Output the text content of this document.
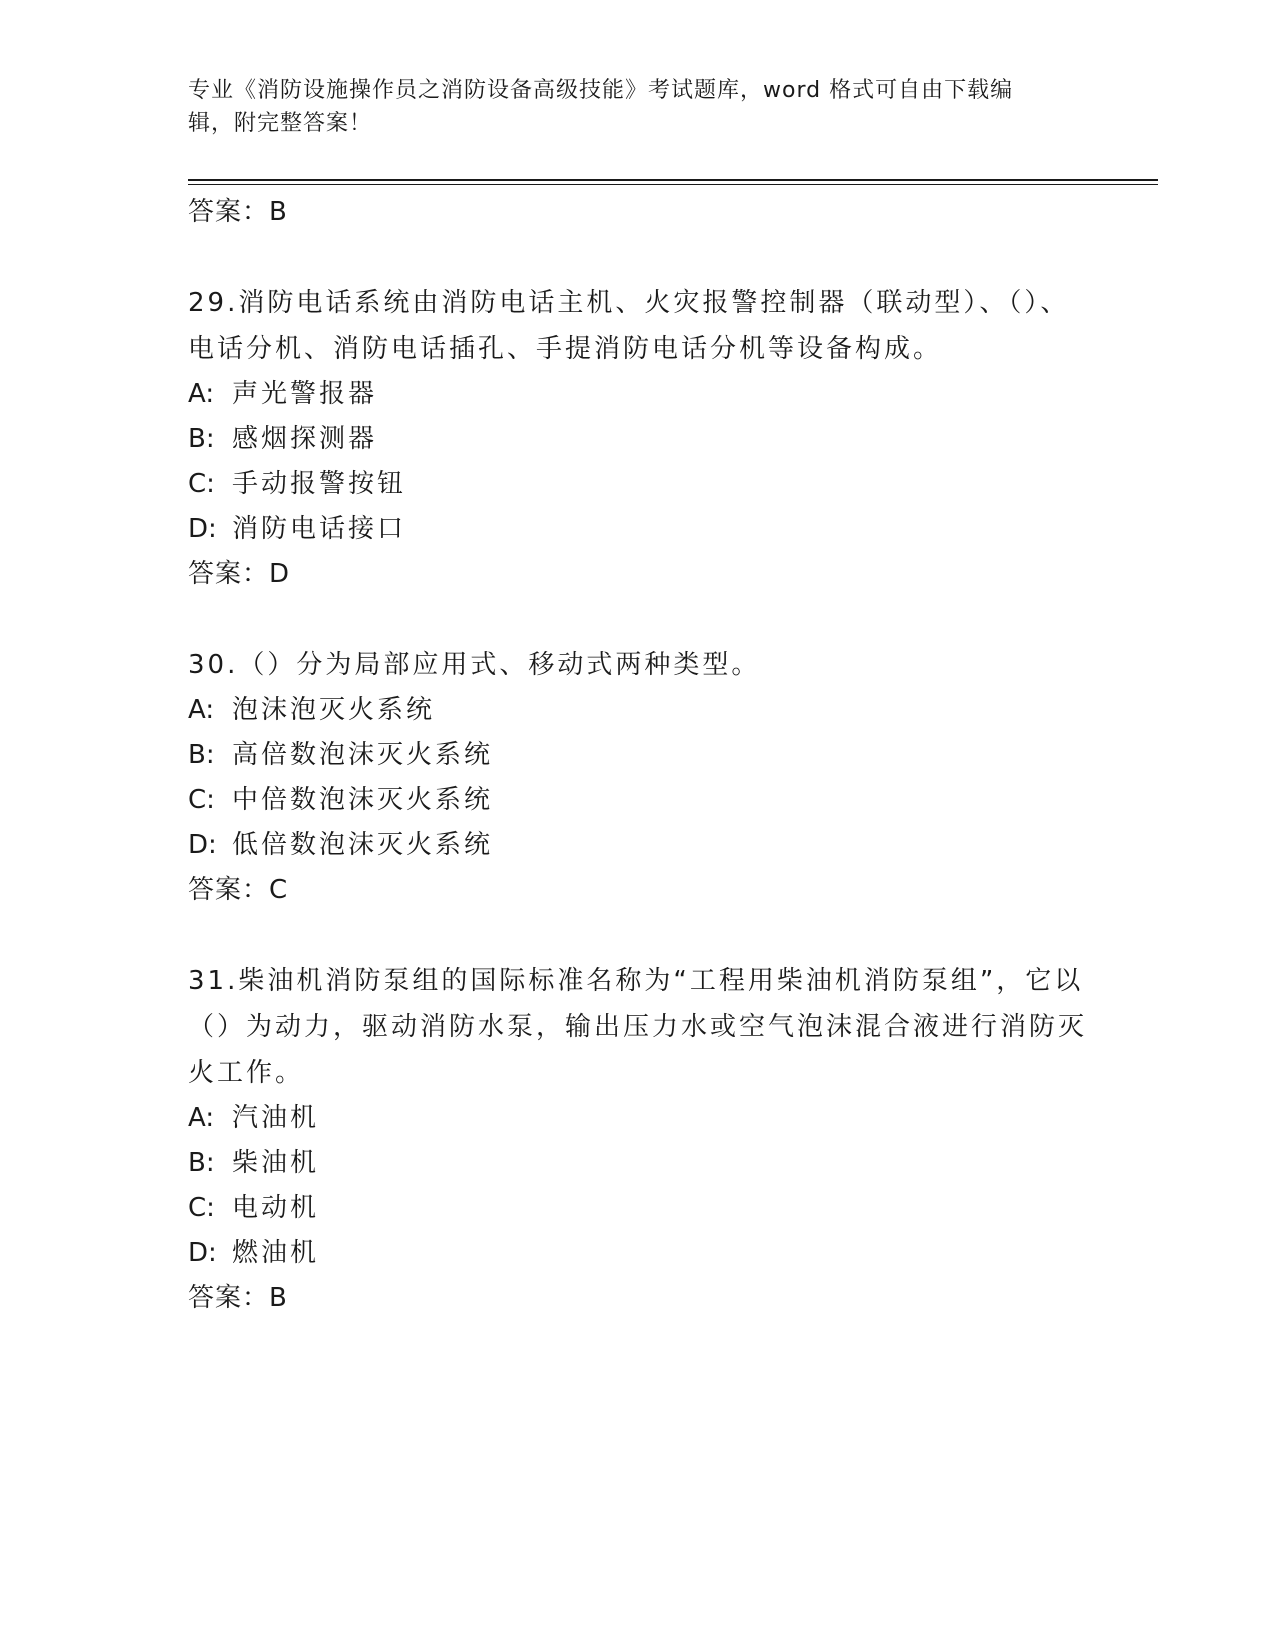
专业《消防设施操作员之消防设备高级技能》考试题库，word 格式可自由下载编
辑，附完整答案！
答案：B

29.消防电话系统由消防电话主机、火灾报警控制器（联动型）、（）、电话分机、消防电话插孔、手提消防电话分机等设备构成。

A: 声光警报器
B: 感烟探测器
C: 手动报警按钮
D: 消防电话接口
答案：D

30.（）分为局部应用式、移动式两种类型。

A: 泡沫泡灭火系统
B: 高倍数泡沫灭火系统
C: 中倍数泡沫灭火系统
D: 低倍数泡沫灭火系统
答案：C

31.柴油机消防泵组的国际标准名称为“工程用柴油机消防泵组”，它以（）为动力，驱动消防水泵，输出压力水或空气泡沫混合液进行消防灭火工作。

A: 汽油机
B: 柴油机
C: 电动机
D: 燃油机
答案：B
